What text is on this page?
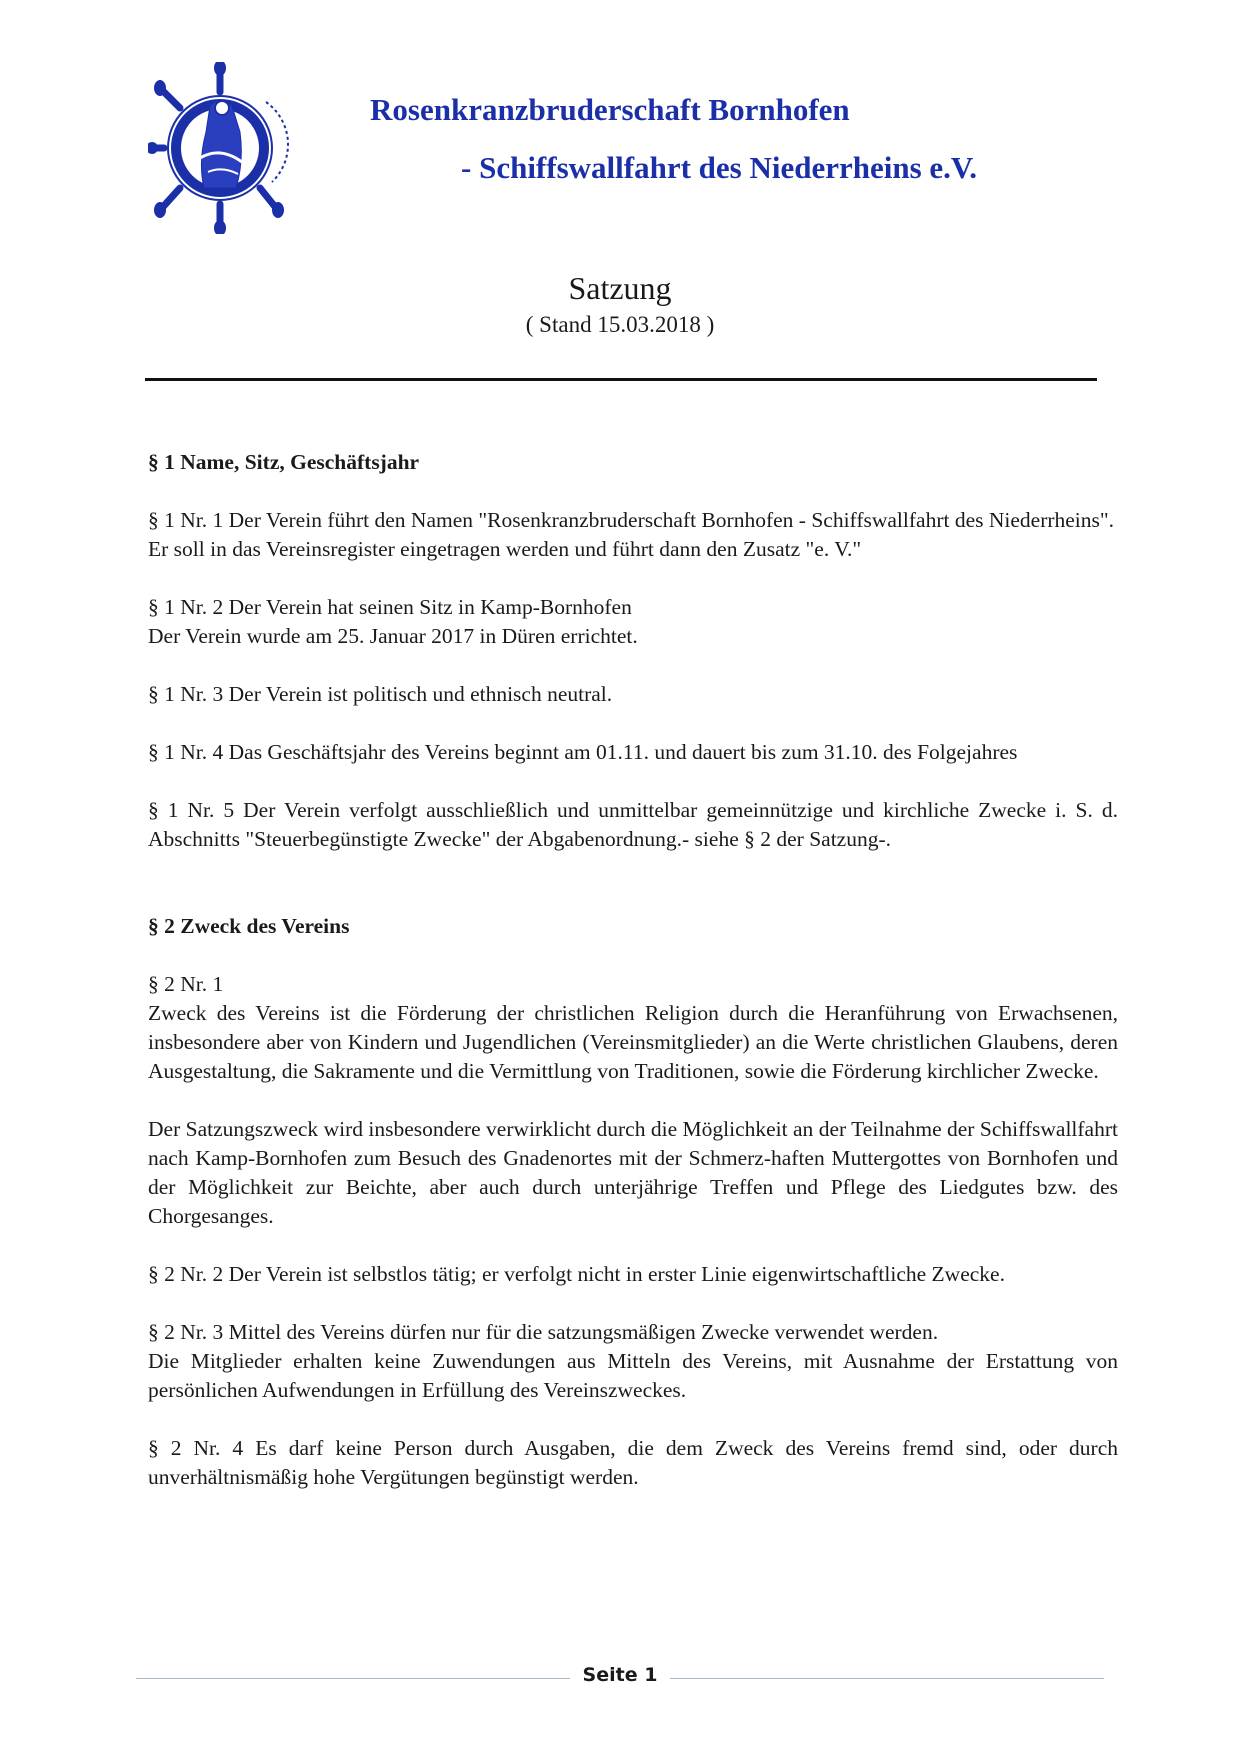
Rosenkranzbruderschaft Bornhofen
- Schiffswallfahrt des Niederrheins e.V.
Satzung
( Stand 15.03.2018 )
§ 1 Name, Sitz, Geschäftsjahr

§ 1 Nr. 1 Der Verein führt den Namen "Rosenkranzbruderschaft Bornhofen - Schiffswallfahrt des Niederrheins".

Er soll in das Vereinsregister eingetragen werden und führt dann den Zusatz "e. V."

§ 1 Nr. 2 Der Verein hat seinen Sitz in Kamp-Bornhofen

Der Verein wurde am 25. Januar 2017 in Düren errichtet.

§ 1 Nr. 3 Der Verein ist politisch und ethnisch neutral.

§ 1 Nr. 4 Das Geschäftsjahr des Vereins beginnt am 01.11. und dauert bis zum 31.10. des Folgejahres

§ 1 Nr. 5 Der Verein verfolgt ausschließlich und unmittelbar gemeinnützige und kirchliche Zwecke i. S. d. Abschnitts "Steuerbegünstigte Zwecke" der Abgabenordnung.- siehe § 2 der Satzung-.

§ 2 Zweck des Vereins

§ 2 Nr. 1

Zweck des Vereins ist die Förderung der christlichen Religion durch die Heranführung von Erwachsenen, insbesondere aber von Kindern und Jugendlichen (Vereinsmitglieder) an die Werte christlichen Glaubens, deren Ausgestaltung, die Sakramente und die Vermittlung von Traditionen, sowie die Förderung kirchlicher Zwecke.

Der Satzungszweck wird insbesondere verwirklicht durch die Möglichkeit an der Teilnahme der Schiffswallfahrt nach Kamp-Bornhofen zum Besuch des Gnadenortes mit der Schmerz-haften Muttergottes von Bornhofen und der Möglichkeit zur Beichte, aber auch durch unterjährige Treffen und Pflege des Liedgutes bzw. des Chorgesanges.

§ 2 Nr. 2 Der Verein ist selbstlos tätig; er verfolgt nicht in erster Linie eigenwirtschaftliche Zwecke.

§ 2 Nr. 3 Mittel des Vereins dürfen nur für die satzungsmäßigen Zwecke verwendet werden.

Die Mitglieder erhalten keine Zuwendungen aus Mitteln des Vereins, mit Ausnahme der Erstattung von persönlichen Aufwendungen in Erfüllung des Vereinszweckes.

§ 2 Nr. 4 Es darf keine Person durch Ausgaben, die dem Zweck des Vereins fremd sind, oder durch unverhältnismäßig hohe Vergütungen begünstigt werden.

Seite 1
